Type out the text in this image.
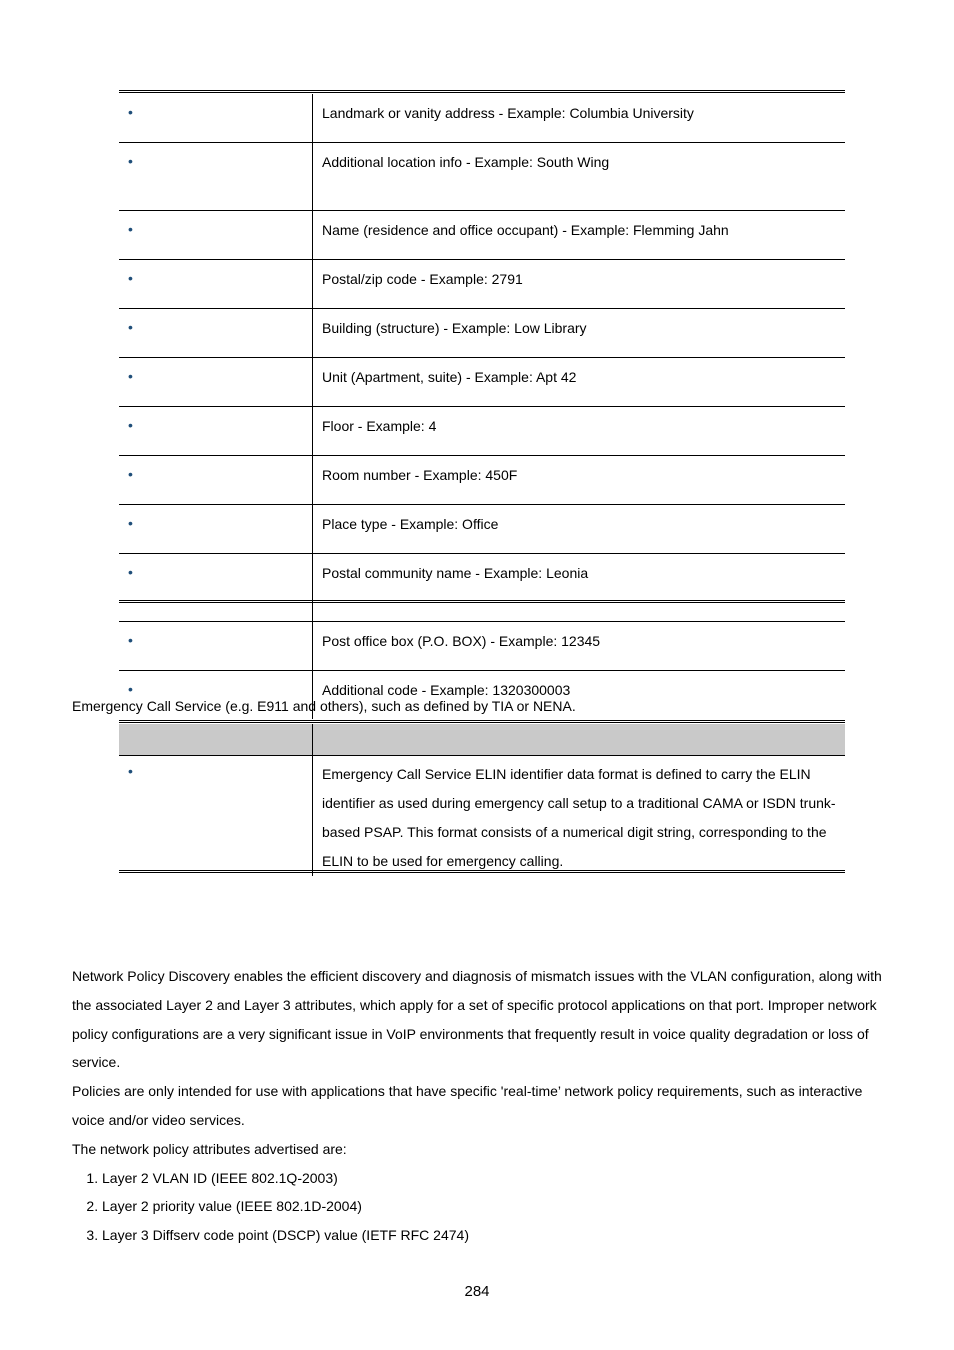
•	Landmark or vanity address - Example: Columbia University

•	Additional location info - Example: South Wing

•	Name (residence and office occupant) - Example: Flemming Jahn

•	Postal/zip code - Example: 2791

•	Building (structure) - Example: Low Library

•	Unit (Apartment, suite) - Example: Apt 42

•	Floor - Example: 4

•	Room number - Example: 450F

•	Place type - Example: Office

•	Postal community name - Example: Leonia

•	Post office box (P.O. BOX) - Example: 12345

•	Additional code - Example: 1320300003

Emergency Call Service (e.g. E911 and others), such as defined by TIA or NENA.

•	Emergency Call Service ELIN identifier data format is defined to carry the ELIN identifier as used during emergency call setup to a traditional CAMA or ISDN trunk-based PSAP. This format consists of a numerical digit string, corresponding to the ELIN to be used for emergency calling.

Network Policy Discovery enables the efficient discovery and diagnosis of mismatch issues with the VLAN configuration, along with the associated Layer 2 and Layer 3 attributes, which apply for a set of specific protocol applications on that port. Improper network policy configurations are a very significant issue in VoIP environments that frequently result in voice quality degradation or loss of service.

Policies are only intended for use with applications that have specific 'real-time’ network policy requirements, such as interactive voice and/or video services.

The network policy attributes advertised are:

1. Layer 2 VLAN ID (IEEE 802.1Q-2003)
2. Layer 2 priority value (IEEE 802.1D-2004)
3. Layer 3 Diffserv code point (DSCP) value (IETF RFC 2474)
284
